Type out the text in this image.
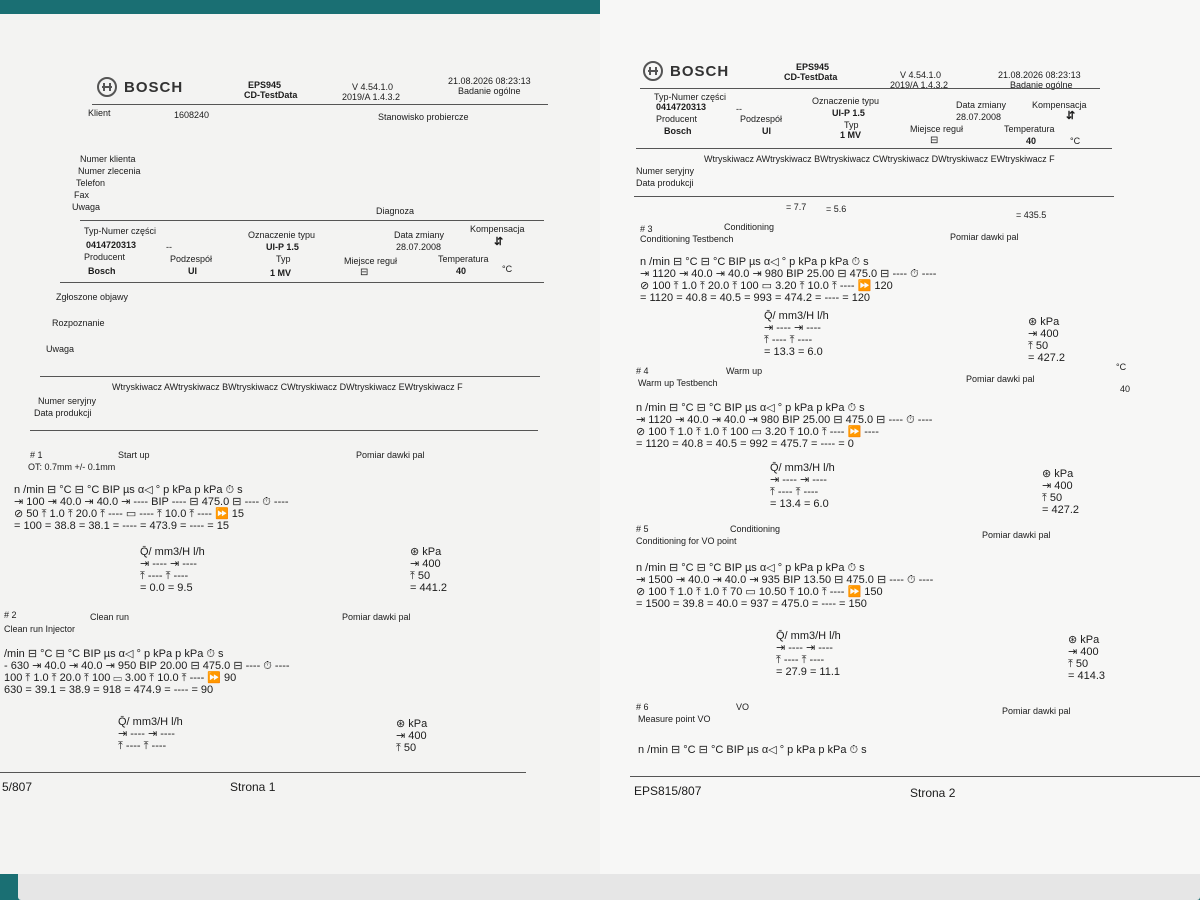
BOSCH	EPS945
CD-TestData
V 4.54.1.0
2019/A 1.4.3.2
21.08.2026 08:23:13
Badanie ogólne
Klient	1608240	Stanowisko probiercze
Numer klienta
Numer zlecenia
Telefon
Fax
Uwaga	Diagnoza
Typ-Numer części	Oznaczenie typu	Data zmiany
Kompensacja
0414720313	--	UI-P 1.5	28.07.2008	⇵
Producent	Podzespół	Typ	Miejsce reguł	Temperatura
Bosch	UI	1 MV	⊟	40	°C
Zgłoszone objawy
Rozpoznanie
Uwaga
Wtryskiwacz AWtryskiwacz BWtryskiwacz CWtryskiwacz DWtryskiwacz EWtryskiwacz F
Numer seryjny
Data produkcji
# 1	Start up
OT: 0.7mm +/- 0.1mm
Pomiar dawki pal
n /min ⊟ °C ⊟ °C BIP µs α◁ ° p kPa p kPa ⏱ s
⇥ 100 ⇥ 40.0 ⇥ 40.0 ⇥ ---- BIP ---- ⊟ 475.0 ⊟ ---- ⏱ ----
⊘ 50 ⤒ 1.0 ⤒ 20.0 ⤒ ---- ▭ ---- ⤒ 10.0 ⤒ ---- ⏩ 15
= 100 = 38.8 = 38.1 = ---- = 473.9 = ---- = 15
Q̄/ mm3/H l/h
⇥ ---- ⇥ ----
⤒ ---- ⤒ ----
= 0.0 = 9.5
⊛ kPa
⇥ 400
⤒ 50
= 441.2
# 2	Clean run
Clean run Injector
Pomiar dawki pal
/min ⊟ °C ⊟ °C BIP µs α◁ ° p kPa p kPa ⏱ s
- 630 ⇥ 40.0 ⇥ 40.0 ⇥ 950 BIP 20.00 ⊟ 475.0 ⊟ ---- ⏱ ----
100 ⤒ 1.0 ⤒ 20.0 ⤒ 100 ▭ 3.00 ⤒ 10.0 ⤒ ---- ⏩ 90
630 = 39.1 = 38.9 = 918 = 474.9 = ---- = 90
Q̄/ mm3/H l/h
⇥ ---- ⇥ ----
⤒ ---- ⤒ ----
⊛ kPa
⇥ 400
⤒ 50
5/807	Strona 1
BOSCH	EPS945
CD-TestData	V 4.54.1.0
2019/A 1.4.3.2
21.08.2026 08:23:13
Badanie ogólne
Typ-Numer części	Oznaczenie typu	Data zmiany	Kompensacja
0414720313	--	UI-P 1.5	28.07.2008	⇵
Producent	Podzespół
Typ	Miejsce reguł	Temperatura
Bosch	UI	1 MV	⊟	40	°C
Wtryskiwacz AWtryskiwacz BWtryskiwacz CWtryskiwacz DWtryskiwacz EWtryskiwacz F
Numer seryjny
Data produkcji
= 7.7 = 5.6
= 435.5
# 3	Conditioning
Conditioning Testbench	Pomiar dawki pal
n /min ⊟ °C ⊟ °C BIP µs α◁ ° p kPa p kPa ⏱ s
⇥ 1120 ⇥ 40.0 ⇥ 40.0 ⇥ 980 BIP 25.00 ⊟ 475.0 ⊟ ---- ⏱ ----
⊘ 100 ⤒ 1.0 ⤒ 20.0 ⤒ 100 ▭ 3.20 ⤒ 10.0 ⤒ ---- ⏩ 120
= 1120 = 40.8 = 40.5 = 993 = 474.2 = ---- = 120
Q̄/ mm3/H l/h
⇥ ---- ⇥ ----
⤒ ---- ⤒ ----
= 13.3 = 6.0
⊛ kPa
⇥ 400
⤒ 50
= 427.2
# 4	Warm up
Warm up Testbench	Pomiar dawki pal
°C
40
n /min ⊟ °C ⊟ °C BIP µs α◁ ° p kPa p kPa ⏱ s
⇥ 1120 ⇥ 40.0 ⇥ 40.0 ⇥ 980 BIP 25.00 ⊟ 475.0 ⊟ ---- ⏱ ----
⊘ 100 ⤒ 1.0 ⤒ 1.0 ⤒ 100 ▭ 3.20 ⤒ 10.0 ⤒ ---- ⏩ ----
= 1120 = 40.8 = 40.5 = 992 = 475.7 = ---- = 0
Q̄/ mm3/H l/h
⇥ ---- ⇥ ----
⤒ ---- ⤒ ----
= 13.4 = 6.0
⊛ kPa
⇥ 400
⤒ 50
= 427.2
# 5	Conditioning
Conditioning for VO point
Pomiar dawki pal
n /min ⊟ °C ⊟ °C BIP µs α◁ ° p kPa p kPa ⏱ s
⇥ 1500 ⇥ 40.0 ⇥ 40.0 ⇥ 935 BIP 13.50 ⊟ 475.0 ⊟ ---- ⏱ ----
⊘ 100 ⤒ 1.0 ⤒ 1.0 ⤒ 70 ▭ 10.50 ⤒ 10.0 ⤒ ---- ⏩ 150
= 1500 = 39.8 = 40.0 = 937 = 475.0 = ---- = 150
Q̄/ mm3/H l/h
⇥ ---- ⇥ ----
⤒ ---- ⤒ ----
= 27.9 = 11.1
⊛ kPa
⇥ 400
⤒ 50
= 414.3
# 6	VO
Measure point VO
Pomiar dawki pal
n /min ⊟ °C ⊟ °C BIP µs α◁ ° p kPa p kPa ⏱ s
EPS815/807	Strona 2
